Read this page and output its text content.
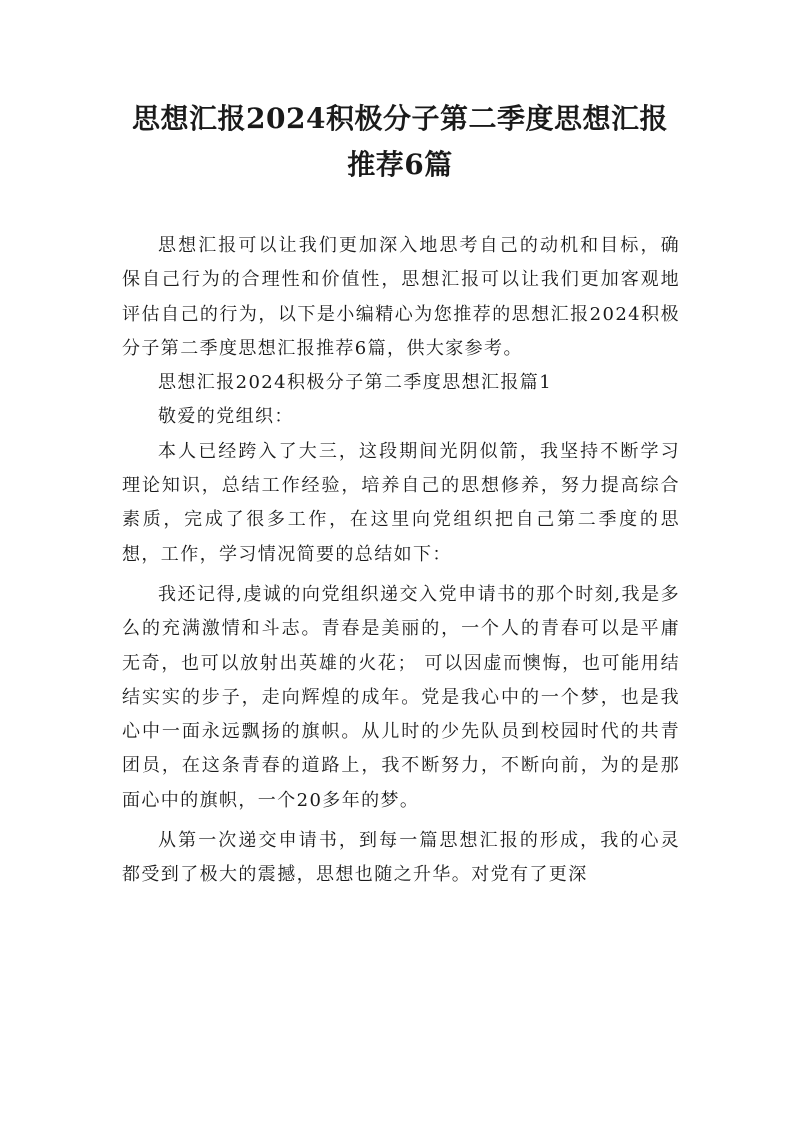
思想汇报2024积极分子第二季度思想汇报
推荐6篇

思想汇报可以让我们更加深入地思考自己的动机和目标，确保自己行为的合理性和价值性，思想汇报可以让我们更加客观地评估自己的行为，以下是小编精心为您推荐的思想汇报2024积极分子第二季度思想汇报推荐6篇，供大家参考。

思想汇报2024积极分子第二季度思想汇报篇1

敬爱的党组织：

本人已经跨入了大三，这段期间光阴似箭，我坚持不断学习理论知识，总结工作经验，培养自己的思想修养，努力提高综合素质，完成了很多工作，在这里向党组织把自己第二季度的思想，工作，学习情况简要的总结如下：

我还记得,虔诚的向党组织递交入党申请书的那个时刻,我是多么的充满激情和斗志。青春是美丽的，一个人的青春可以是平庸无奇，也可以放射出英雄的火花； 可以因虚而懊悔，也可能用结结实实的步子，走向辉煌的成年。党是我心中的一个梦，也是我心中一面永远飘扬的旗帜。从儿时的少先队员到校园时代的共青团员，在这条青春的道路上，我不断努力，不断向前，为的是那面心中的旗帜，一个20多年的梦。

从第一次递交申请书，到每一篇思想汇报的形成，我的心灵都受到了极大的震撼，思想也随之升华。对党有了更深
